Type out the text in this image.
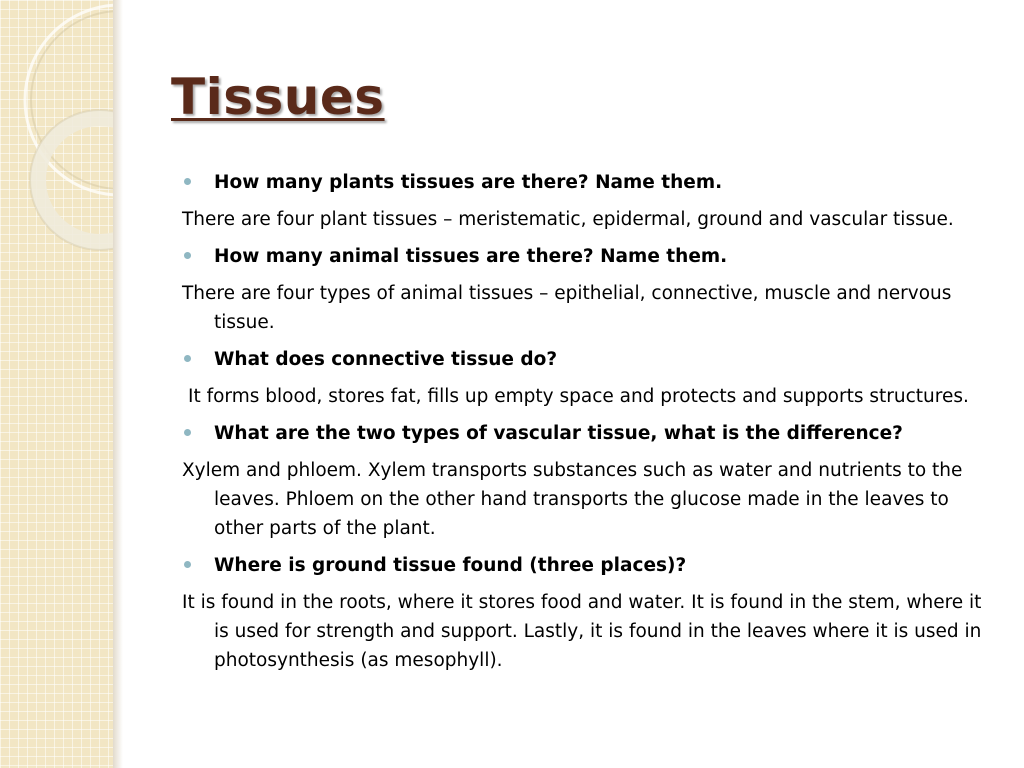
Tissues
How many plants tissues are there? Name them.
There are four plant tissues – meristematic, epidermal, ground and vascular tissue.
How many animal tissues are there? Name them.
There are four types of animal tissues – epithelial, connective, muscle and nervous tissue.
What does connective tissue do?
It forms blood, stores fat, fills up empty space and protects and supports structures.
What are the two types of vascular tissue, what is the difference?
Xylem and phloem. Xylem transports substances such as water and nutrients to the leaves. Phloem on the other hand transports the glucose made in the leaves to other parts of the plant.
Where is ground tissue found (three places)?
It is found in the roots, where it stores food and water. It is found in the stem, where it is used for strength and support. Lastly, it is found in the leaves where it is used in photosynthesis (as mesophyll).
